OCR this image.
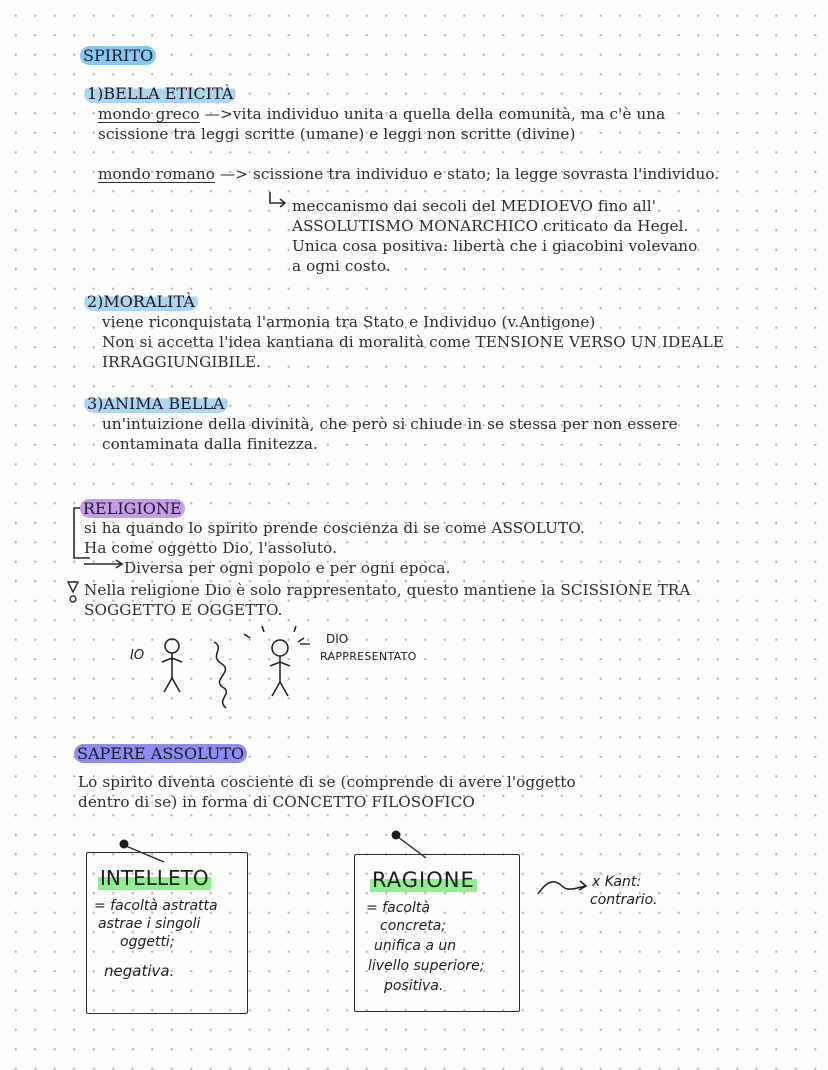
SPIRITO
1)BELLA ETICITÀ
mondo greco —>vita individuo unita a quella della comunità, ma c'è una
scissione tra leggi scritte (umane) e leggi non scritte (divine)
mondo romano —> scissione tra individuo e stato; la legge sovrasta l'individuo.
meccanismo dai secoli del MEDIOEVO fino all'
ASSOLUTISMO MONARCHICO criticato da Hegel.
Unica cosa positiva: libertà che i giacobini volevano
a ogni costo.
2)MORALITÀ
viene riconquistata l'armonia tra Stato e Individuo (v.Antigone)
Non si accetta l'idea kantiana di moralità come TENSIONE VERSO UN IDEALE
IRRAGGIUNGIBILE.
3)ANIMA BELLA
un'intuizione della divinità, che però si chiude in se stessa per non essere
contaminata dalla finitezza.
RELIGIONE
si ha quando lo spirito prende coscienza di se come ASSOLUTO.
Ha come oggetto Dio, l'assoluto.
Diversa per ogni popolo e per ogni epoca.
Nella religione Dio è solo rappresentato, questo mantiene la SCISSIONE TRA
SOGGETTO E OGGETTO.
IO
DIO
RAPPRESENTATO
SAPERE ASSOLUTO
Lo spirito diventa cosciente di se (comprende di avere l'oggetto
dentro di se) in forma di CONCETTO FILOSOFICO
INTELLETO
= facoltà astratta
astrae i singoli
oggetti;
negativa.
RAGIONE
= facoltà
concreta;
unifica a un
livello superiore;
positiva.
x Kant:
contrario.
